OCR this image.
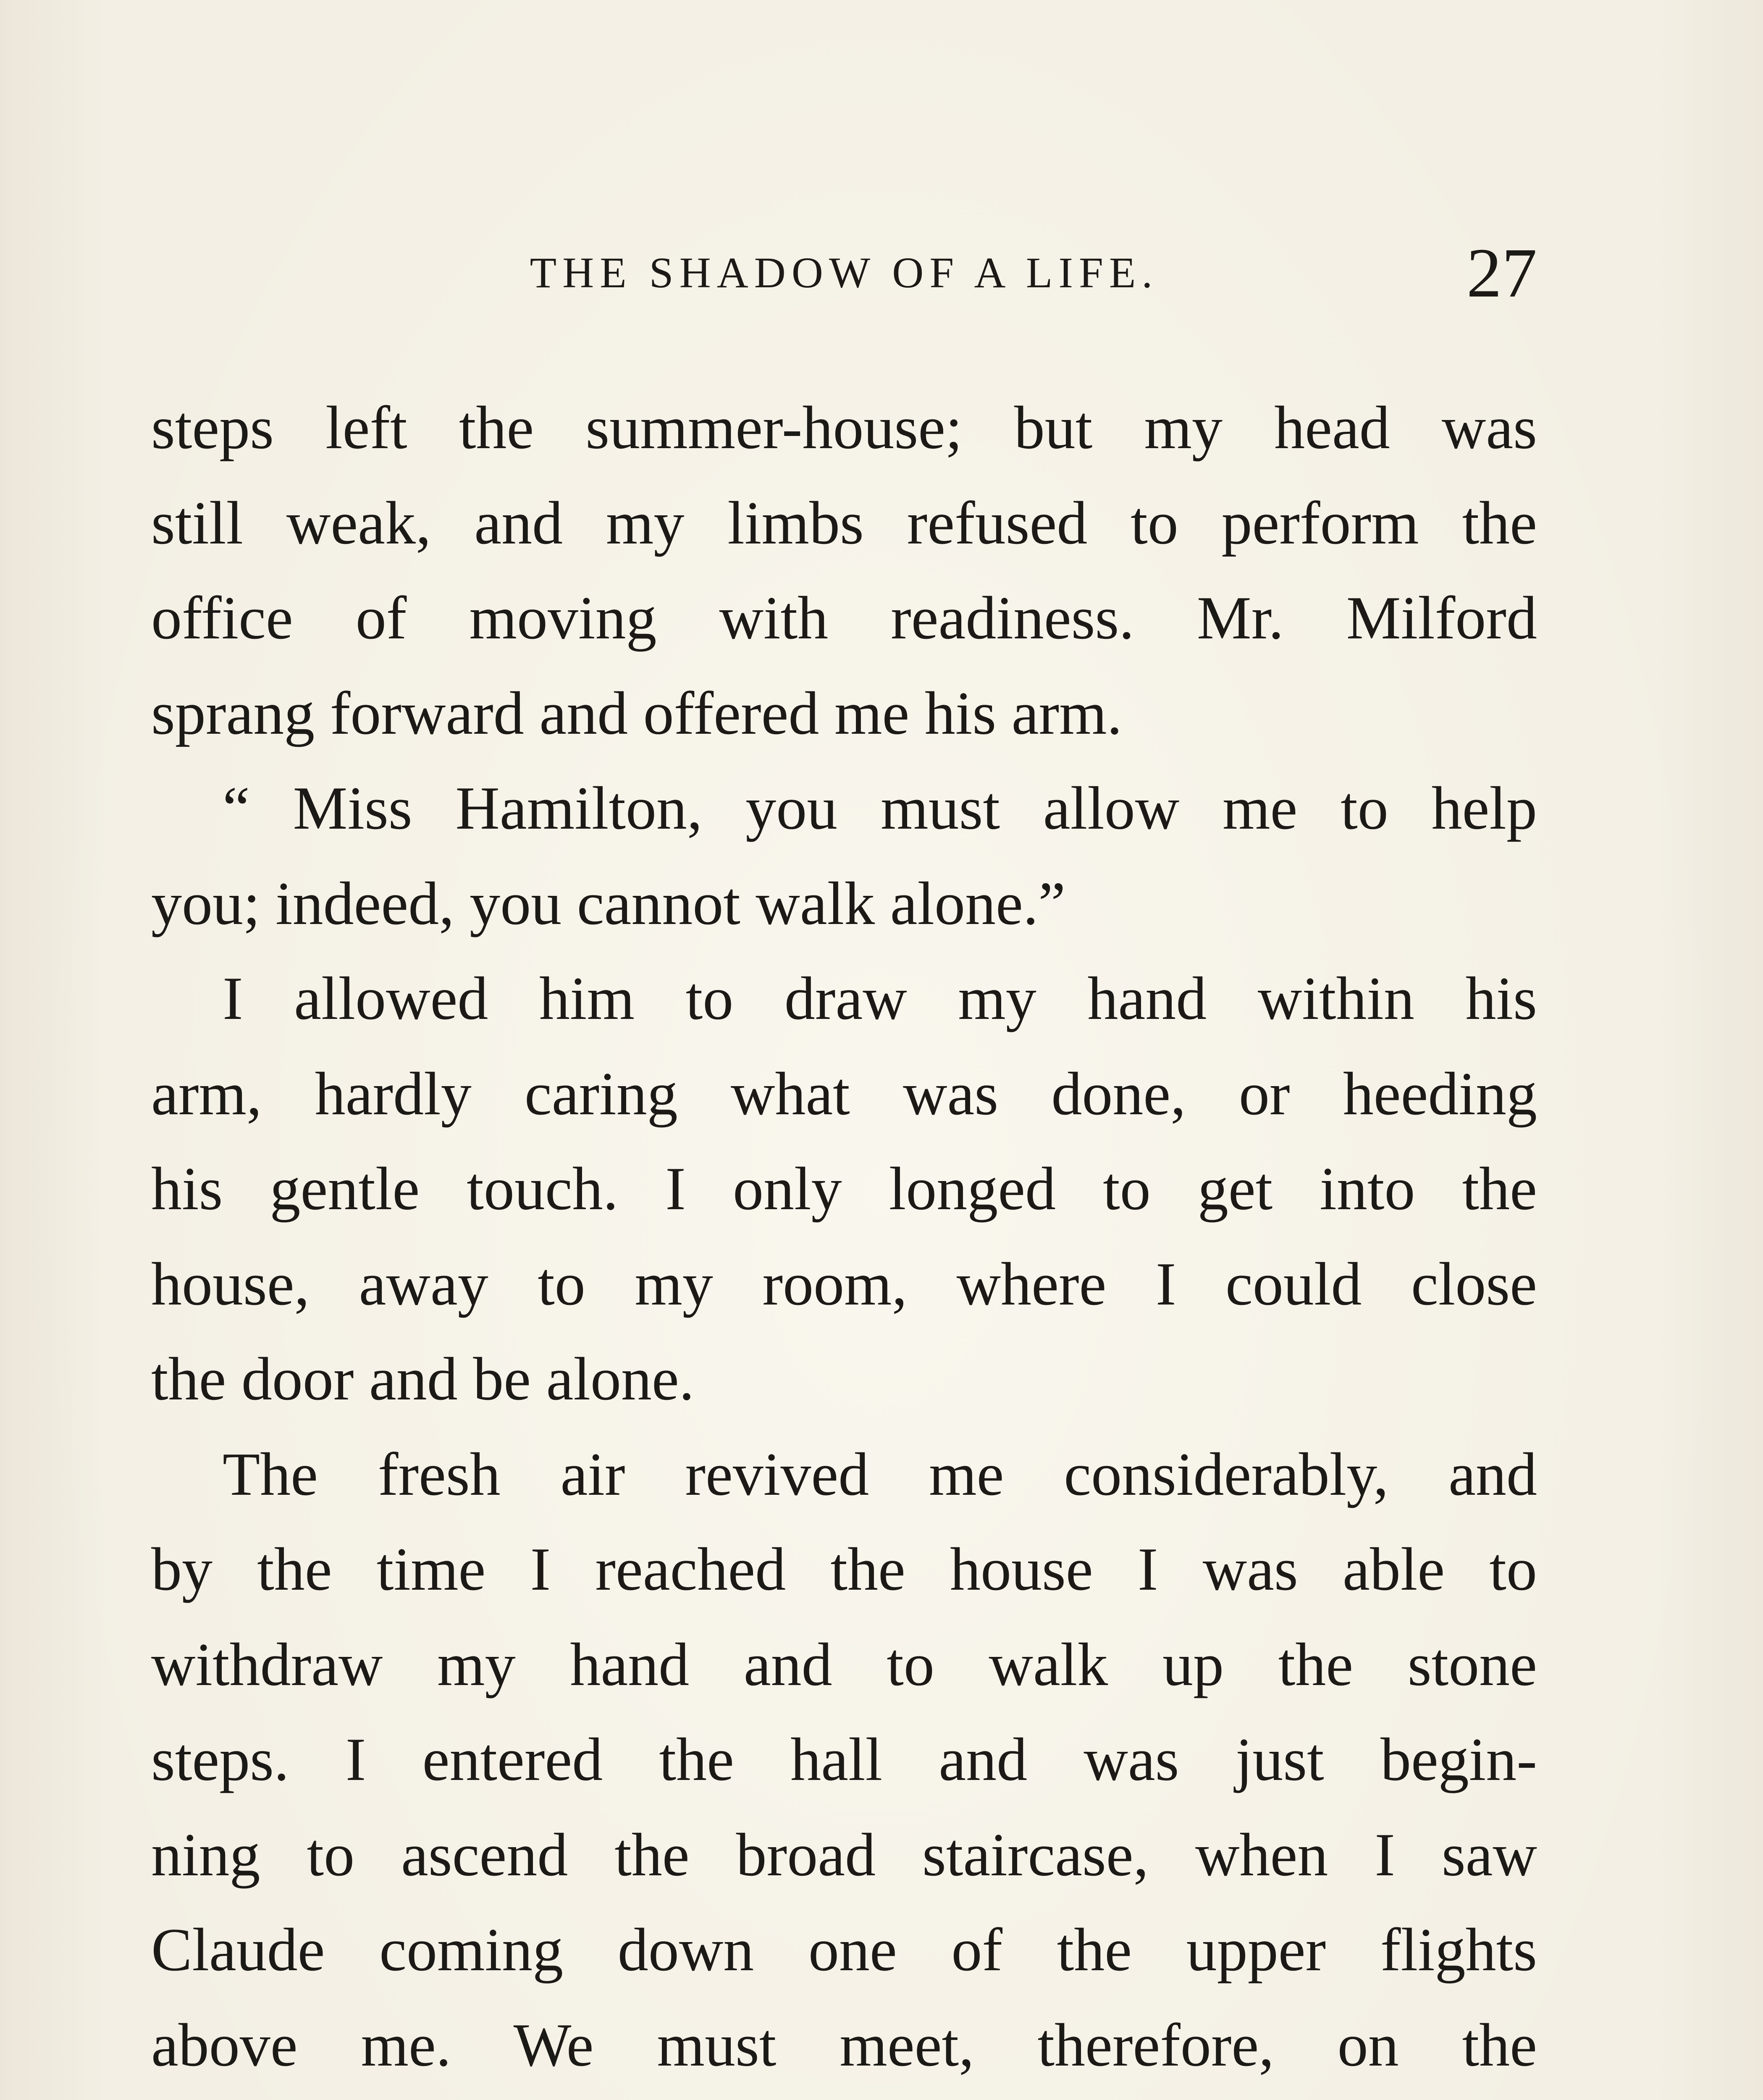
THE SHADOW OF A LIFE.	27
steps left the summer-house; but my head was
still weak, and my limbs refused to perform the
office of moving with readiness. Mr. Milford
sprang forward and offered me his arm.
“ Miss Hamilton, you must allow me to help
you; indeed, you cannot walk alone.”
I allowed him to draw my hand within his
arm, hardly caring what was done, or heeding
his gentle touch. I only longed to get into the
house, away to my room, where I could close
the door and be alone.
The fresh air revived me considerably, and
by the time I reached the house I was able to
withdraw my hand and to walk up the stone
steps. I entered the hall and was just begin-
ning to ascend the broad staircase, when I saw
Claude coming down one of the upper flights
above me. We must meet, therefore, on the
